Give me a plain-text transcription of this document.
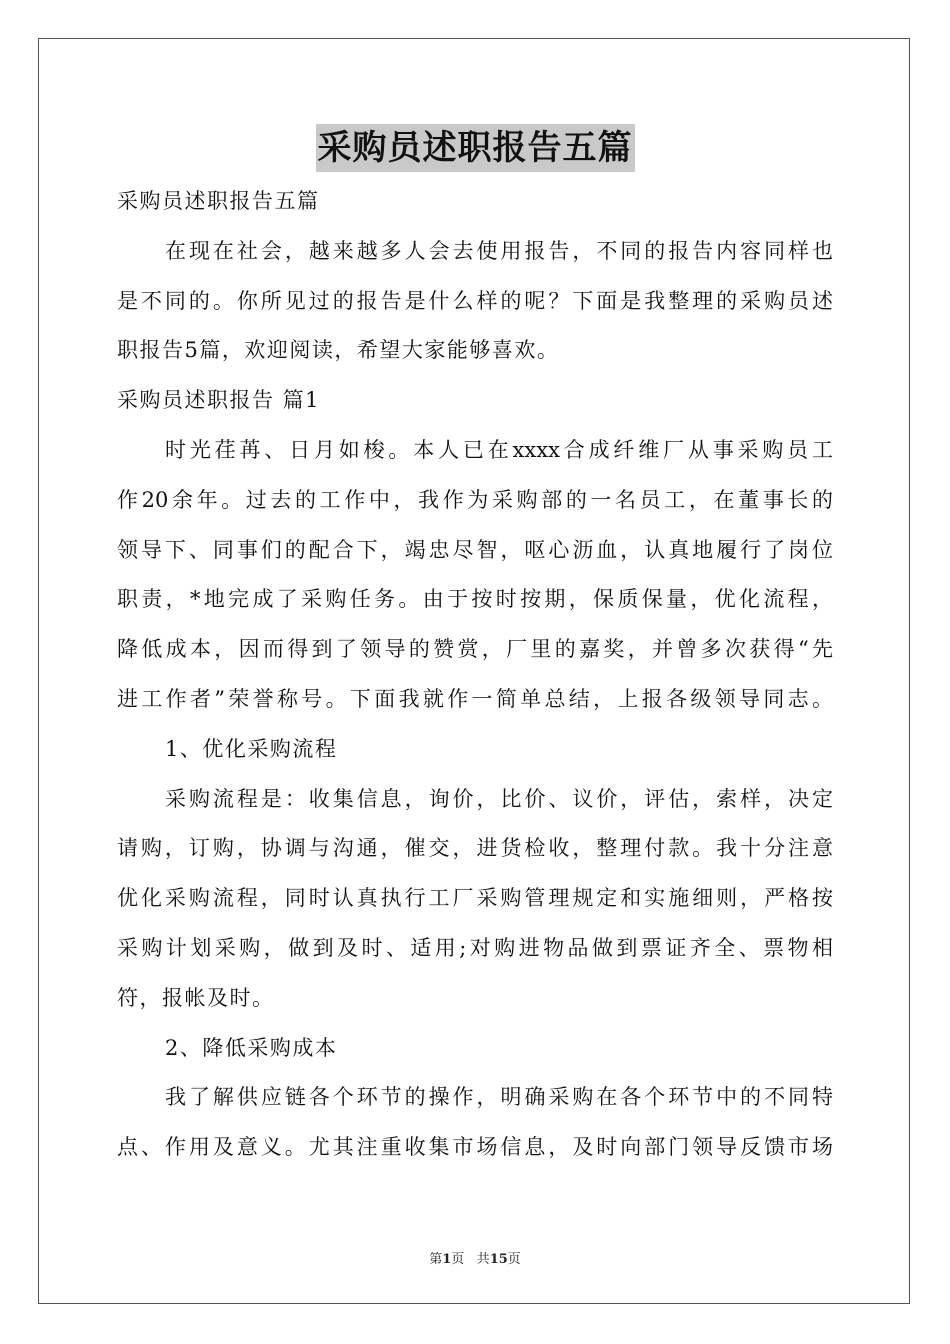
采购员述职报告五篇

采购员述职报告五篇

在现在社会，越来越多人会去使用报告，不同的报告内容同样也

是不同的。你所见过的报告是什么样的呢？下面是我整理的采购员述

职报告5篇，欢迎阅读，希望大家能够喜欢。

采购员述职报告 篇1

时光荏苒、日月如梭。本人已在xxxx合成纤维厂从事采购员工

作20余年。过去的工作中，我作为采购部的一名员工，在董事长的

领导下、同事们的配合下，竭忠尽智，呕心沥血，认真地履行了岗位

职责，*地完成了采购任务。由于按时按期，保质保量，优化流程，

降低成本，因而得到了领导的赞赏，厂里的嘉奖，并曾多次获得“先

进工作者”荣誉称号。下面我就作一简单总结，上报各级领导同志。

1、优化采购流程

采购流程是：收集信息，询价，比价、议价，评估，索样，决定

请购，订购，协调与沟通，催交，进货检收，整理付款。我十分注意

优化采购流程，同时认真执行工厂采购管理规定和实施细则，严格按

采购计划采购，做到及时、适用;对购进物品做到票证齐全、票物相

符，报帐及时。

2、降低采购成本

我了解供应链各个环节的操作，明确采购在各个环节中的不同特

点、作用及意义。尤其注重收集市场信息，及时向部门领导反馈市场

第1页 共15页
